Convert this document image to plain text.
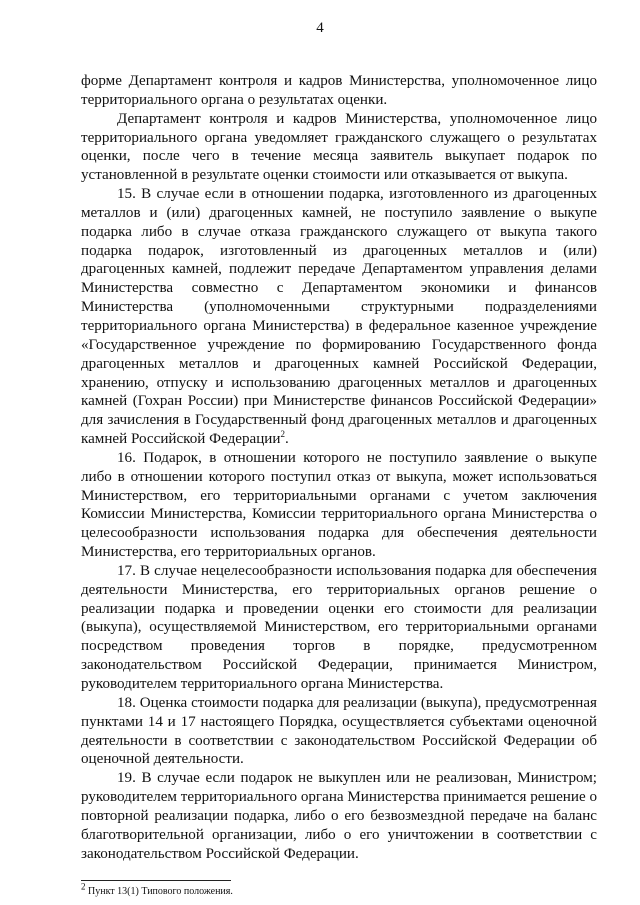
4

форме Департамент контроля и кадров Министерства, уполномоченное лицо территориального органа о результатах оценки.

Департамент контроля и кадров Министерства, уполномоченное лицо территориального органа уведомляет гражданского служащего о результатах оценки, после чего в течение месяца заявитель выкупает подарок по установленной в результате оценки стоимости или отказывается от выкупа.

15. В случае если в отношении подарка, изготовленного из драгоценных металлов и (или) драгоценных камней, не поступило заявление о выкупе подарка либо в случае отказа гражданского служащего от выкупа такого подарка подарок, изготовленный из драгоценных металлов и (или) драгоценных камней, подлежит передаче Департаментом управления делами Министерства совместно с Департаментом экономики и финансов Министерства (уполномоченными структурными подразделениями территориального органа Министерства) в федеральное казенное учреждение «Государственное учреждение по формированию Государственного фонда драгоценных металлов и драгоценных камней Российской Федерации, хранению, отпуску и использованию драгоценных металлов и драгоценных камней (Гохран России) при Министерстве финансов Российской Федерации» для зачисления в Государственный фонд драгоценных металлов и драгоценных камней Российской Федерации$^2$.

16. Подарок, в отношении которого не поступило заявление о выкупе либо в отношении которого поступил отказ от выкупа, может использоваться Министерством, его территориальными органами с учетом заключения Комиссии Министерства, Комиссии территориального органа Министерства о целесообразности использования подарка для обеспечения деятельности Министерства, его территориальных органов.

17. В случае нецелесообразности использования подарка для обеспечения деятельности Министерства, его территориальных органов решение о реализации подарка и проведении оценки его стоимости для реализации (выкупа), осуществляемой Министерством, его территориальными органами посредством проведения торгов в порядке, предусмотренном законодательством Российской Федерации, принимается Министром, руководителем территориального органа Министерства.

18. Оценка стоимости подарка для реализации (выкупа), предусмотренная пунктами 14 и 17 настоящего Порядка, осуществляется субъектами оценочной деятельности в соответствии с законодательством Российской Федерации об оценочной деятельности.

19. В случае если подарок не выкуплен или не реализован, Министром; руководителем территориального органа Министерства принимается решение о повторной реализации подарка, либо о его безвозмездной передаче на баланс благотворительной организации, либо о его уничтожении в соответствии с законодательством Российской Федерации.

$^2$ Пункт 13(1) Типового положения.
